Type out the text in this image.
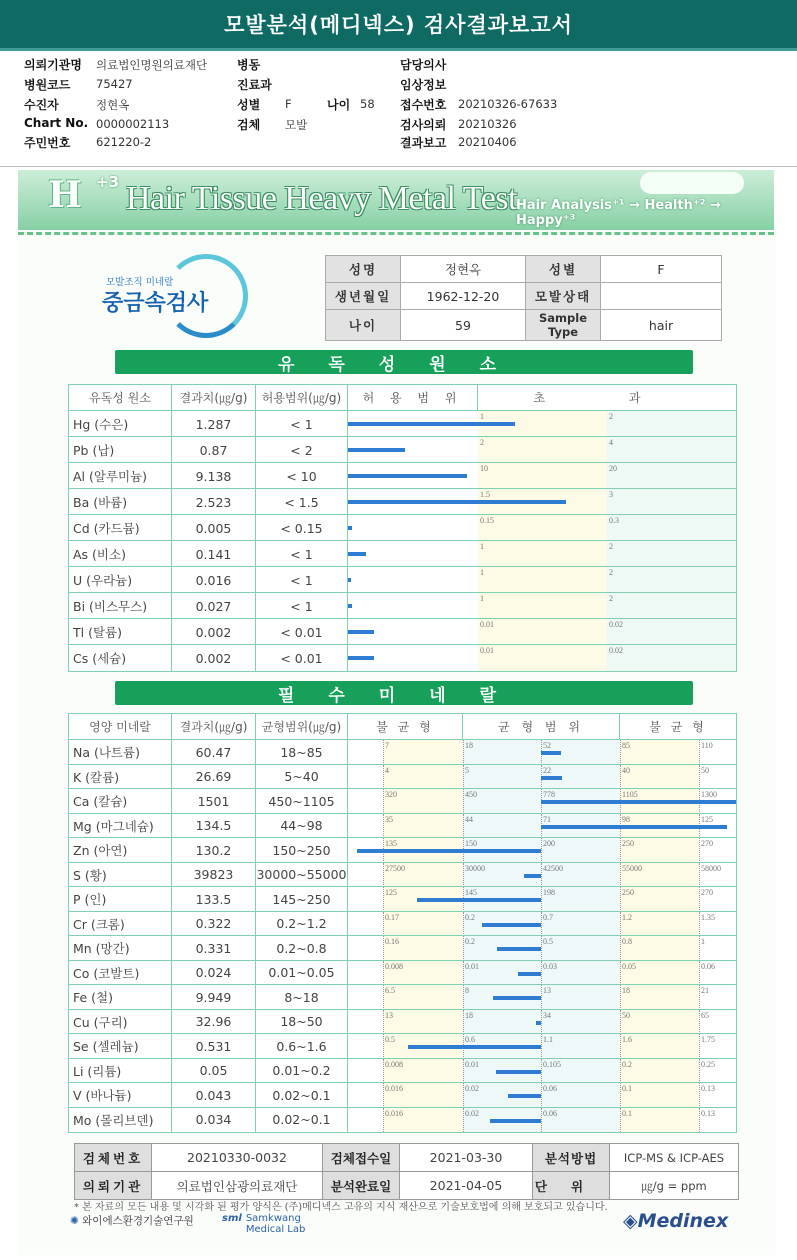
모발분석(메디넥스) 검사결과보고서
의뢰기관명 의료법인명원의료재단
병원코드 75427
수진자	정현옥
Chart No. 0000002113
주민번호 621220-2
병동
진료과
성별 F	나이 58
검체 모발
담당의사
임상정보
접수번호 20210326-67633
검사의뢰 20210326
결과보고 20210406
H +3 Hair Tissue Heavy Metal Test Hair Analysis⁺¹ → Health⁺² → Happy⁺³
모발조직 미네랄
중금속검사
성명	정현옥	성별	F
생년월일	1962-12-20	모발상태	
나이	59	Sample Type	hair
유독성원소
유독성 원소	결과치(㎍/g)	허용범위(㎍/g)	허 용 범 위	초 과
Hg (수은)	1.287	< 1	1	2
Pb (납)	0.87	< 2	2	4
Al (알루미늄)	9.138	< 10	10	20
Ba (바륨)	2.523	< 1.5	1.5	3
Cd (카드뮴)	0.005	< 0.15	0.15	0.3
As (비소)	0.141	< 1	1	2
U (우라늄)	0.016	< 1	1	2
Bi (비스무스)	0.027	< 1	1	2
Tl (탈륨)	0.002	< 0.01	0.01	0.02
Cs (세슘)	0.002	< 0.01	0.01	0.02
필수미네랄
영양 미네랄	결과치(㎍/g)	균형범위(㎍/g)	불 균 형	균 형 범 위	불 균 형
Na (나트륨)	60.47	18~85	7	18	52	85	110
K (칼륨)	26.69	5~40	4	5	22	40	50
Ca (칼슘)	1501	450~1105	320	450	778	1105	1300
Mg (마그네슘)	134.5	44~98	35	44	71	98	125
Zn (아연)	130.2	150~250	135	150	200	250	270
S (황)	39823	30000~55000	27500	30000	42500	55000	58000
P (인)	133.5	145~250	125	145	198	250	270
Cr (크롬)	0.322	0.2~1.2	0.17	0.2	0.7	1.2	1.35
Mn (망간)	0.331	0.2~0.8	0.16	0.2	0.5	0.8	1
Co (코발트)	0.024	0.01~0.05	0.008	0.01	0.03	0.05	0.06
Fe (철)	9.949	8~18	6.5	8	13	18	21
Cu (구리)	32.96	18~50	13	18	34	50	65
Se (셀레늄)	0.531	0.6~1.6	0.5	0.6	1.1	1.6	1.75
Li (리튬)	0.05	0.01~0.2	0.008	0.01	0.105	0.2	0.25
V (바나듐)	0.043	0.02~0.1	0.016	0.02	0.06	0.1	0.13
Mo (몰리브덴)	0.034	0.02~0.1	0.016	0.02	0.06	0.1	0.13
검체번호	20210330-0032	검체접수일	2021-03-30	분석방법	ICP-MS & ICP-AES
의뢰기관	의료법인삼광의료재단	분석완료일	2021-04-05	단위	㎍/g = ppm
* 본 자료의 모든 내용 및 시각화 된 평가 양식은 (주)메디넥스 고유의 지식 재산으로 기술보호법에 의해 보호되고 있습니다.
✺ 와이에스환경기술연구원	sml Samkwang
Medical Lab	◈Medinex
